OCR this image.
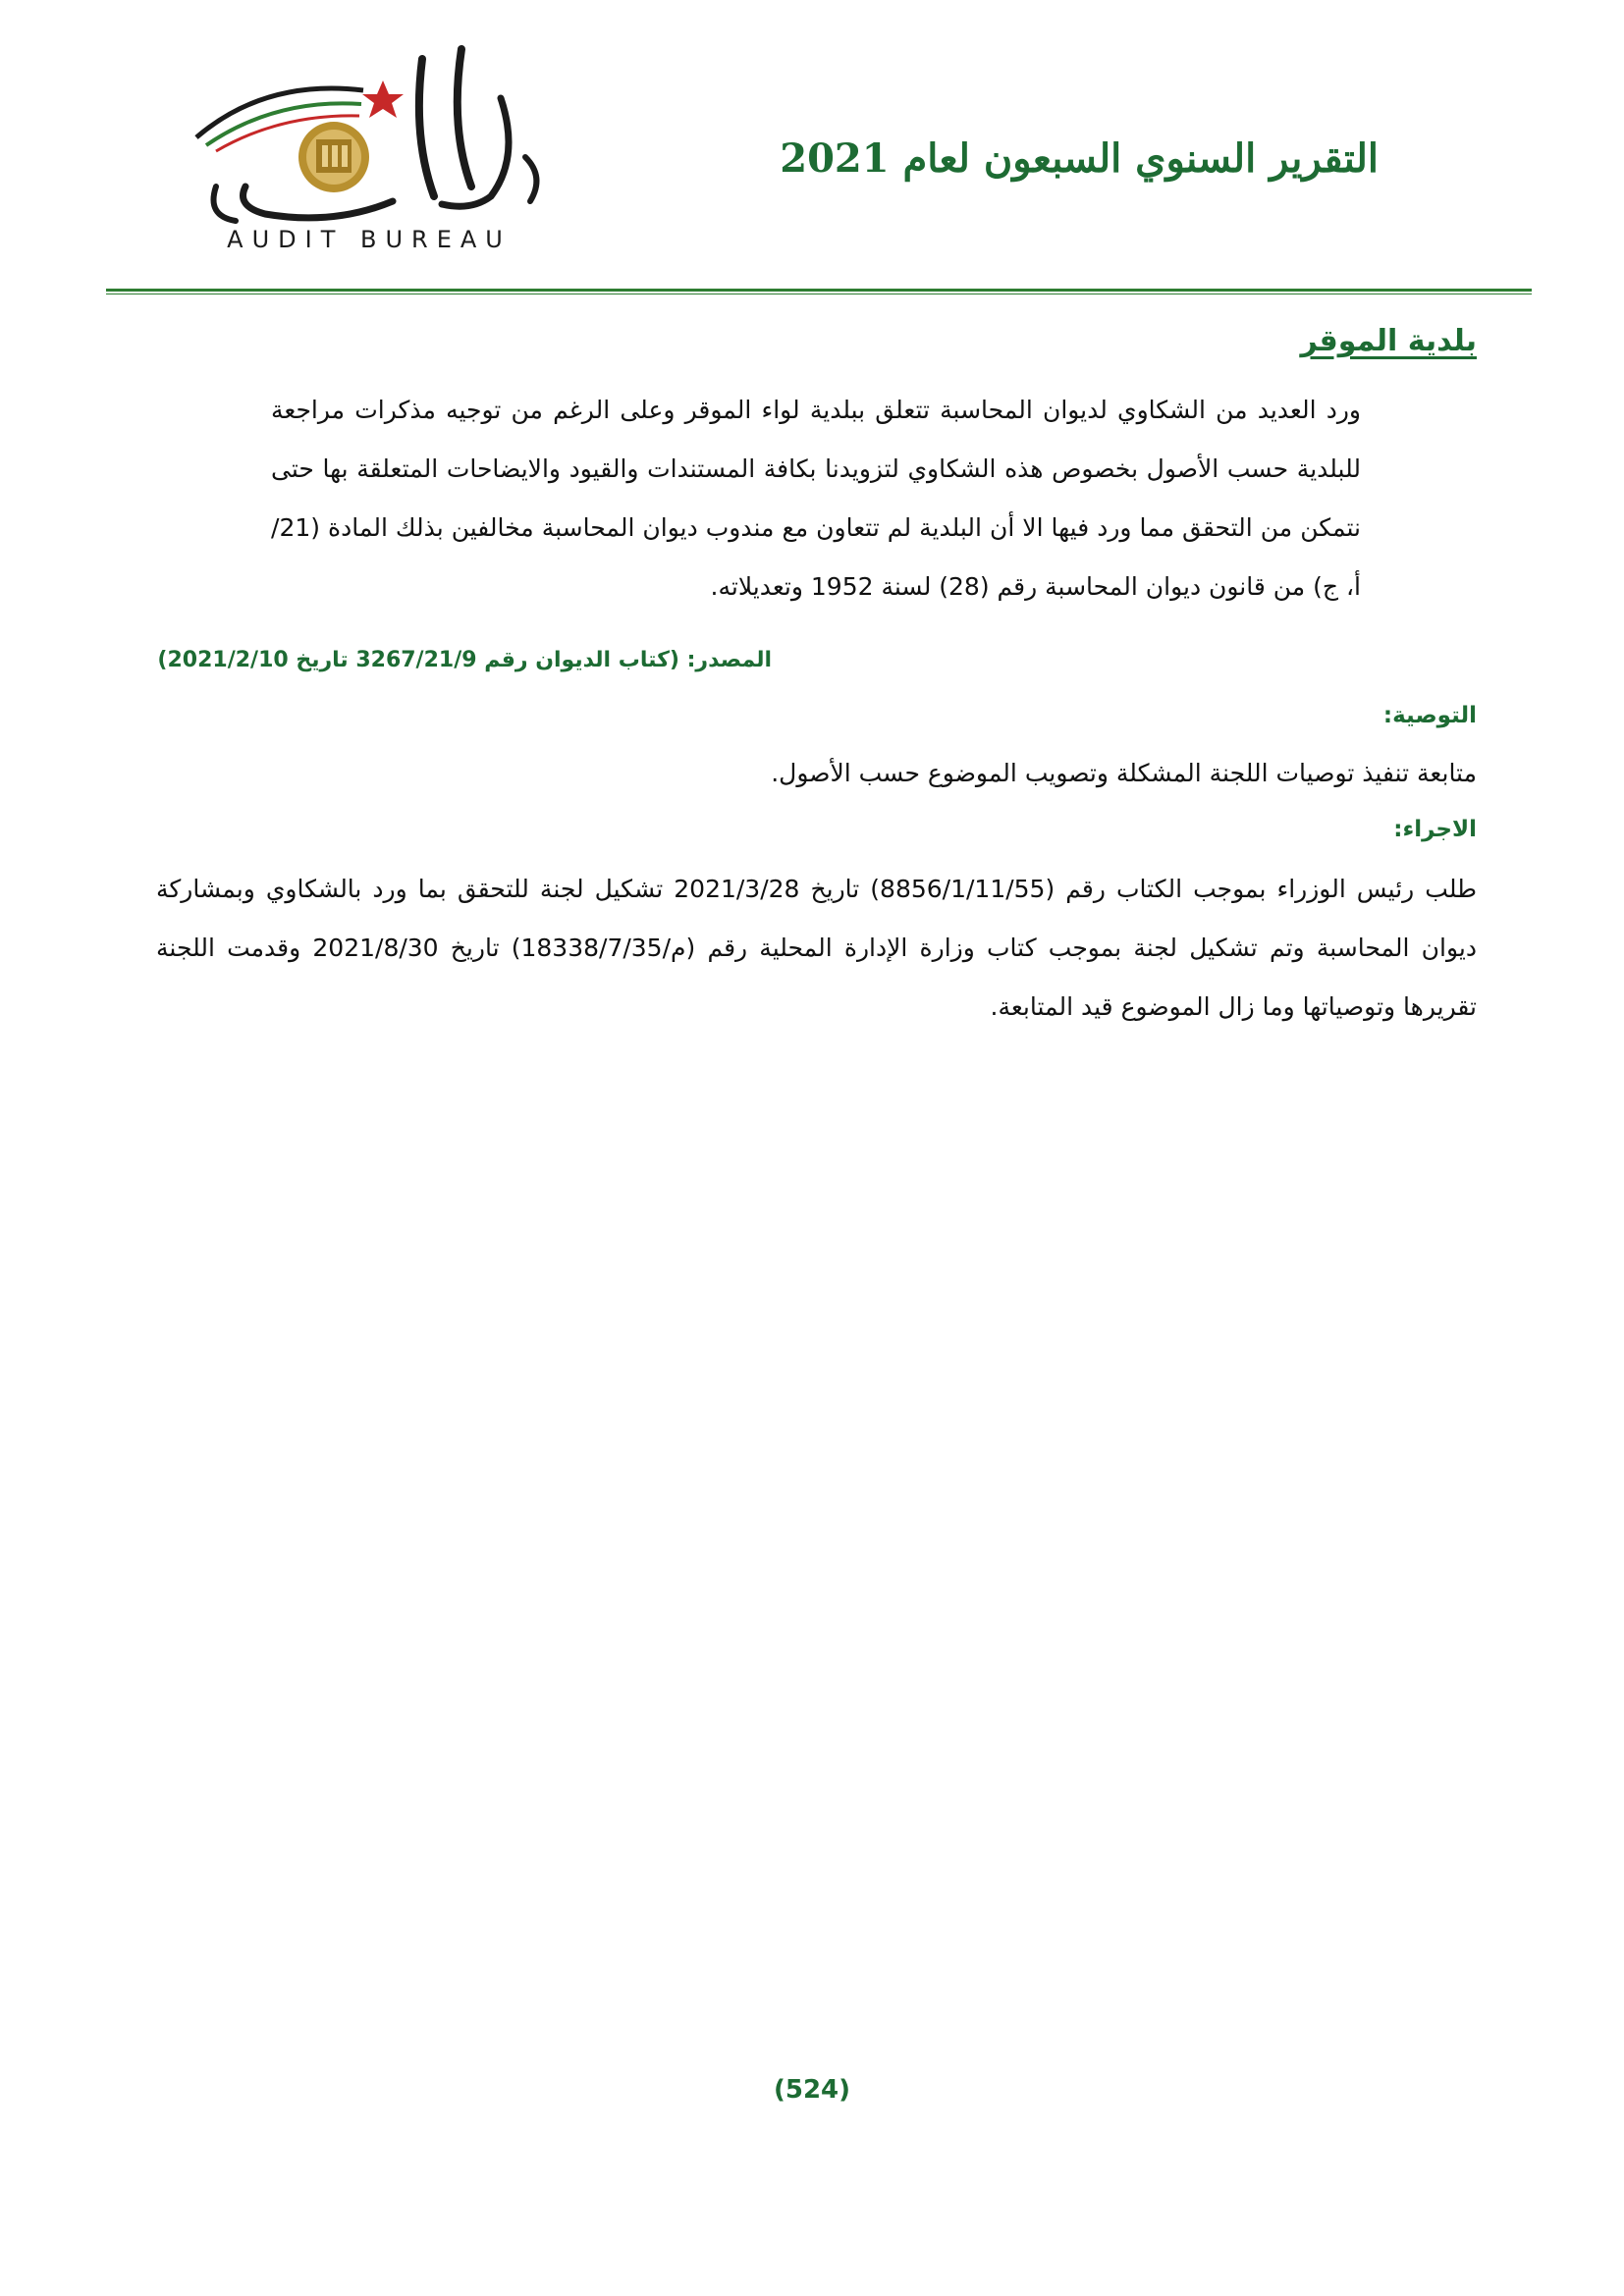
التقرير السنوي السبعون لعام 2021
AUDIT BUREAU
بلدية الموقر
ورد العديد من الشكاوي لديوان المحاسبة تتعلق ببلدية لواء الموقر وعلى الرغم من توجيه مذكرات مراجعة للبلدية حسب الأصول بخصوص هذه الشكاوي لتزويدنا بكافة المستندات والقيود والايضاحات المتعلقة بها حتى نتمكن من التحقق مما ورد فيها الا أن البلدية لم تتعاون مع مندوب ديوان المحاسبة مخالفين بذلك المادة (21/أ، ج) من قانون ديوان المحاسبة رقم (28) لسنة 1952 وتعديلاته.
المصدر: (كتاب الديوان رقم 3267/21/9 تاريخ 2021/2/10)
التوصية:
متابعة تنفيذ توصيات اللجنة المشكلة وتصويب الموضوع حسب الأصول.
الاجراء:
طلب رئيس الوزراء بموجب الكتاب رقم (8856/1/11/55) تاريخ 2021/3/28 تشكيل لجنة للتحقق بما ورد بالشكاوي وبمشاركة ديوان المحاسبة وتم تشكيل لجنة بموجب كتاب وزارة الإدارة المحلية رقم (م/18338/7/35) تاريخ 2021/8/30 وقدمت اللجنة تقريرها وتوصياتها وما زال الموضوع قيد المتابعة.
(524)
